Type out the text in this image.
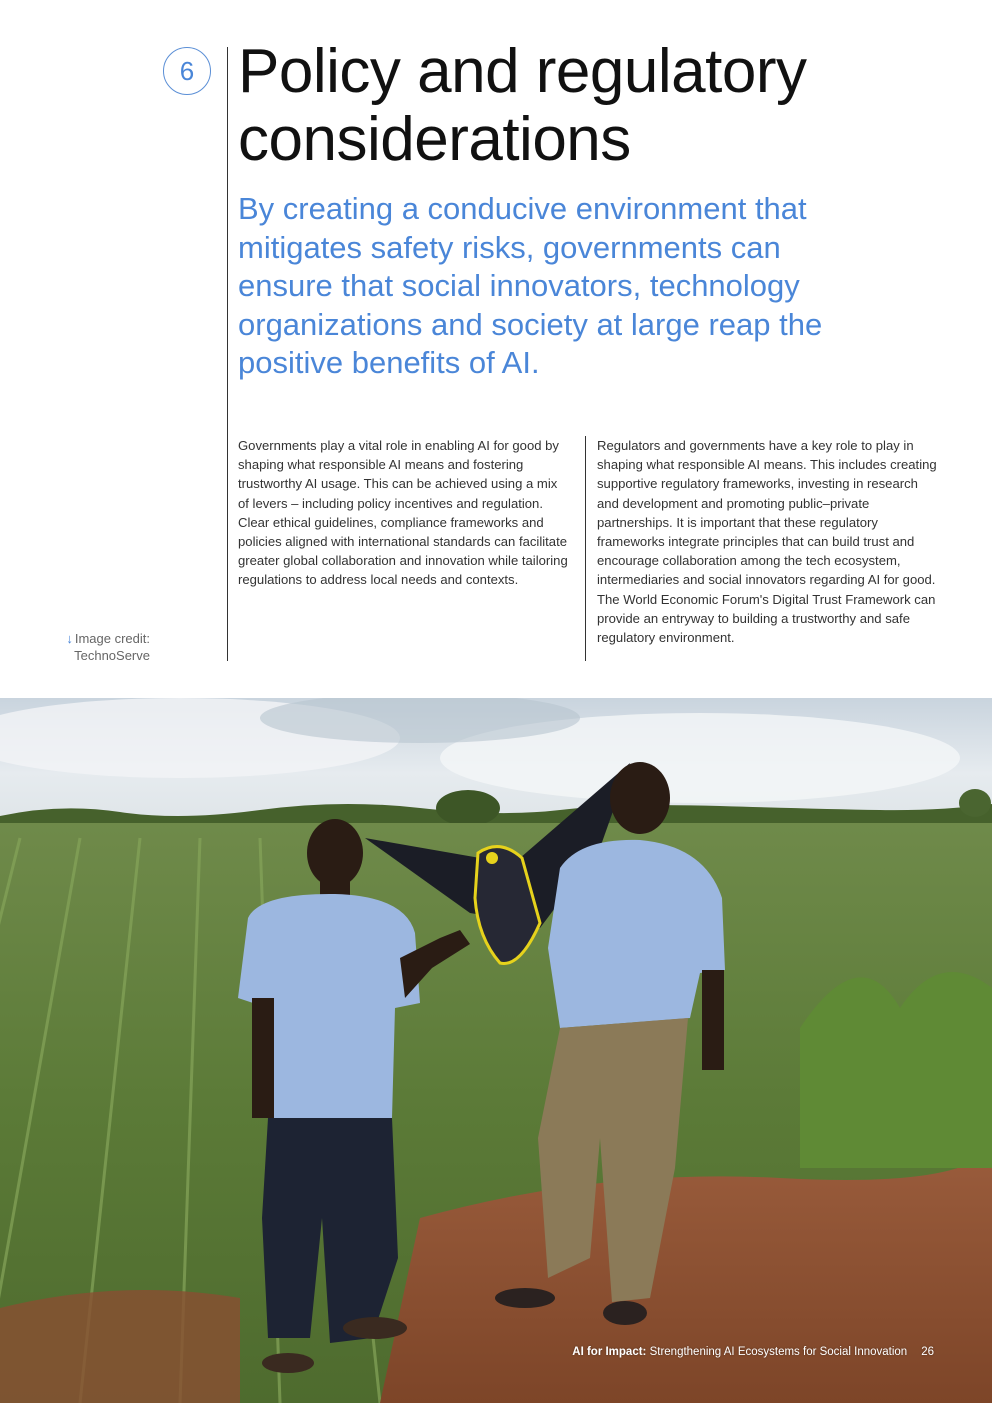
6 Policy and regulatory considerations

By creating a conducive environment that mitigates safety risks, governments can ensure that social innovators, technology organizations and society at large reap the positive benefits of AI.

Governments play a vital role in enabling AI for good by shaping what responsible AI means and fostering trustworthy AI usage. This can be achieved using a mix of levers – including policy incentives and regulation. Clear ethical guidelines, compliance frameworks and policies aligned with international standards can facilitate greater global collaboration and innovation while tailoring regulations to address local needs and contexts.

Regulators and governments have a key role to play in shaping what responsible AI means. This includes creating supportive regulatory frameworks, investing in research and development and promoting public–private partnerships. It is important that these regulatory frameworks integrate principles that can build trust and encourage collaboration among the tech ecosystem, intermediaries and social innovators regarding AI for good. The World Economic Forum's Digital Trust Framework can provide an entryway to building a trustworthy and safe regulatory environment.

↓ Image credit:
TechnoServe
AI for Impact: Strengthening AI Ecosystems for Social Innovation 26
